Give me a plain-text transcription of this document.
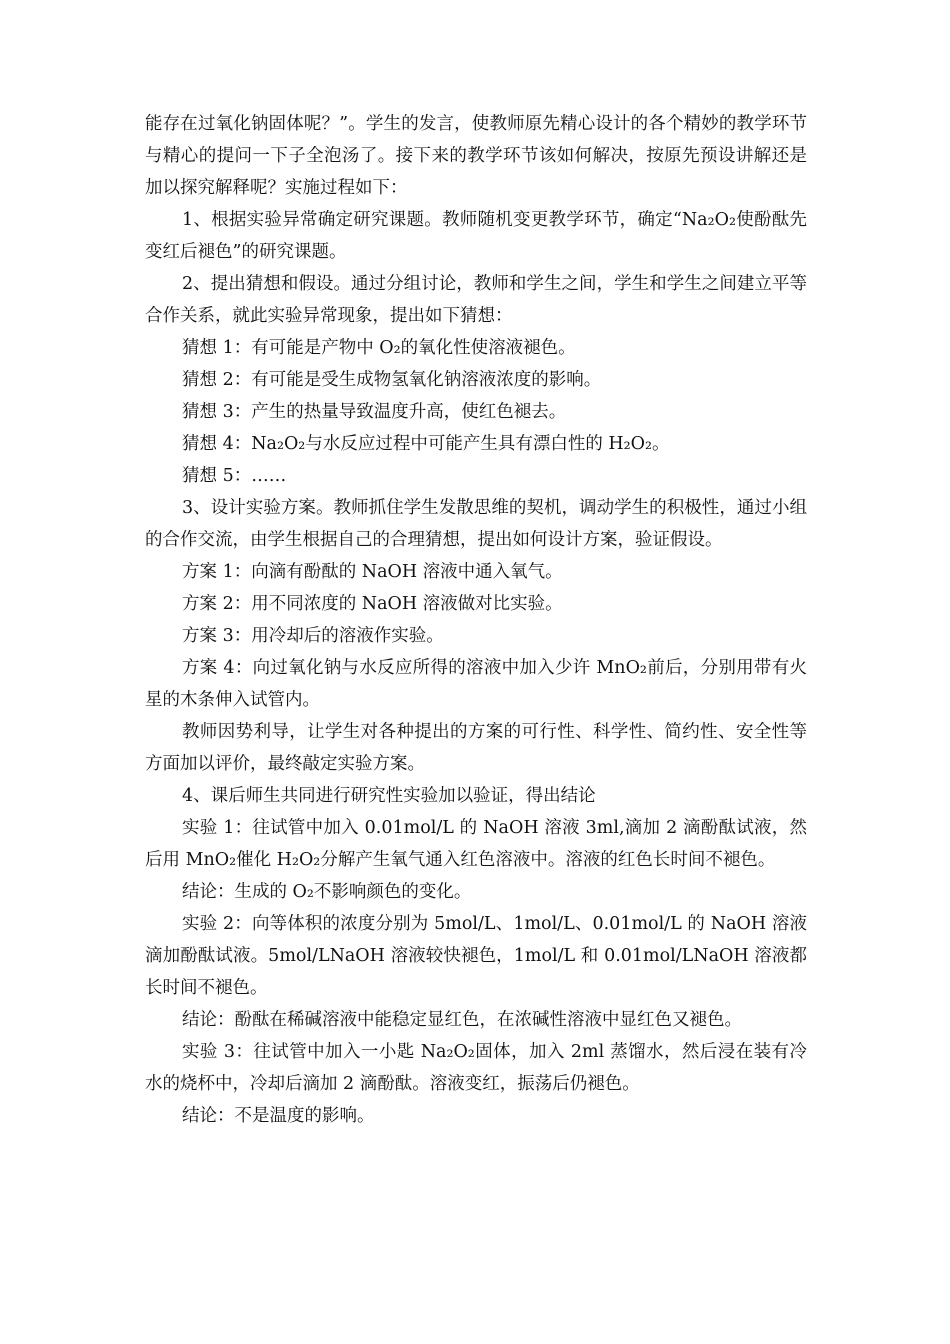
能存在过氧化钠固体呢？”。学生的发言，使教师原先精心设计的各个精妙的教学环节与精心的提问一下子全泡汤了。接下来的教学环节该如何解决，按原先预设讲解还是加以探究解释呢？实施过程如下：

1、根据实验异常确定研究课题。教师随机变更教学环节，确定“Na₂O₂使酚酞先变红后褪色”的研究课题。

2、提出猜想和假设。通过分组讨论，教师和学生之间，学生和学生之间建立平等合作关系，就此实验异常现象，提出如下猜想：

猜想 1：有可能是产物中 O₂的氧化性使溶液褪色。

猜想 2：有可能是受生成物氢氧化钠溶液浓度的影响。

猜想 3：产生的热量导致温度升高，使红色褪去。

猜想 4：Na₂O₂与水反应过程中可能产生具有漂白性的 H₂O₂。

猜想 5：……

3、设计实验方案。教师抓住学生发散思维的契机，调动学生的积极性，通过小组的合作交流，由学生根据自己的合理猜想，提出如何设计方案，验证假设。

方案 1：向滴有酚酞的 NaOH 溶液中通入氧气。

方案 2：用不同浓度的 NaOH 溶液做对比实验。

方案 3：用冷却后的溶液作实验。

方案 4：向过氧化钠与水反应所得的溶液中加入少许 MnO₂前后，分别用带有火星的木条伸入试管内。

教师因势利导，让学生对各种提出的方案的可行性、科学性、简约性、安全性等方面加以评价，最终敲定实验方案。

4、课后师生共同进行研究性实验加以验证，得出结论

实验 1：往试管中加入 0.01mol/L 的 NaOH 溶液 3ml,滴加 2 滴酚酞试液，然后用 MnO₂催化 H₂O₂分解产生氧气通入红色溶液中。溶液的红色长时间不褪色。

结论：生成的 O₂不影响颜色的变化。

实验 2：向等体积的浓度分别为 5mol/L、1mol/L、0.01mol/L 的 NaOH 溶液滴加酚酞试液。5mol/LNaOH 溶液较快褪色，1mol/L 和 0.01mol/LNaOH 溶液都长时间不褪色。

结论：酚酞在稀碱溶液中能稳定显红色，在浓碱性溶液中显红色又褪色。

实验 3：往试管中加入一小匙 Na₂O₂固体，加入 2ml 蒸馏水，然后浸在装有冷水的烧杯中，冷却后滴加 2 滴酚酞。溶液变红，振荡后仍褪色。

结论：不是温度的影响。
